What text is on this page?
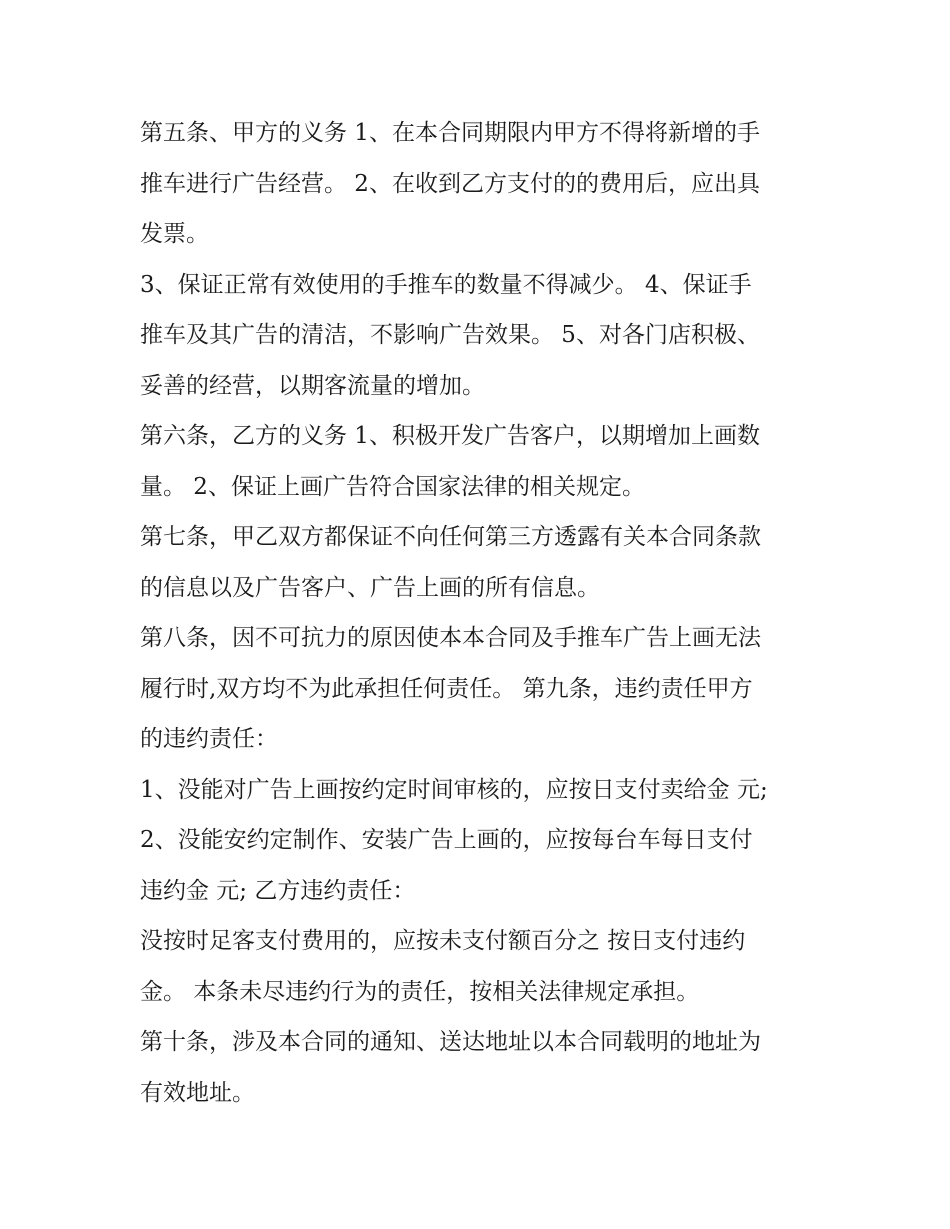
第五条、甲方的义务 1、在本合同期限内甲方不得将新增的手
推车进行广告经营。 2、在收到乙方支付的的费用后，应出具
发票。
3、保证正常有效使用的手推车的数量不得减少。 4、保证手
推车及其广告的清洁，不影响广告效果。 5、对各门店积极、
妥善的经营，以期客流量的增加。
第六条，乙方的义务 1、积极开发广告客户，以期增加上画数
量。 2、保证上画广告符合国家法律的相关规定。
第七条，甲乙双方都保证不向任何第三方透露有关本合同条款
的信息以及广告客户、广告上画的所有信息。
第八条，因不可抗力的原因使本本合同及手推车广告上画无法
履行时,双方均不为此承担任何责任。 第九条，违约责任甲方
的违约责任：
1、没能对广告上画按约定时间审核的，应按日支付卖给金 元;
2、没能安约定制作、安装广告上画的，应按每台车每日支付
违约金 元; 乙方违约责任：
没按时足客支付费用的，应按未支付额百分之 按日支付违约
金。 本条未尽违约行为的责任，按相关法律规定承担。
第十条，涉及本合同的通知、送达地址以本合同载明的地址为
有效地址。
